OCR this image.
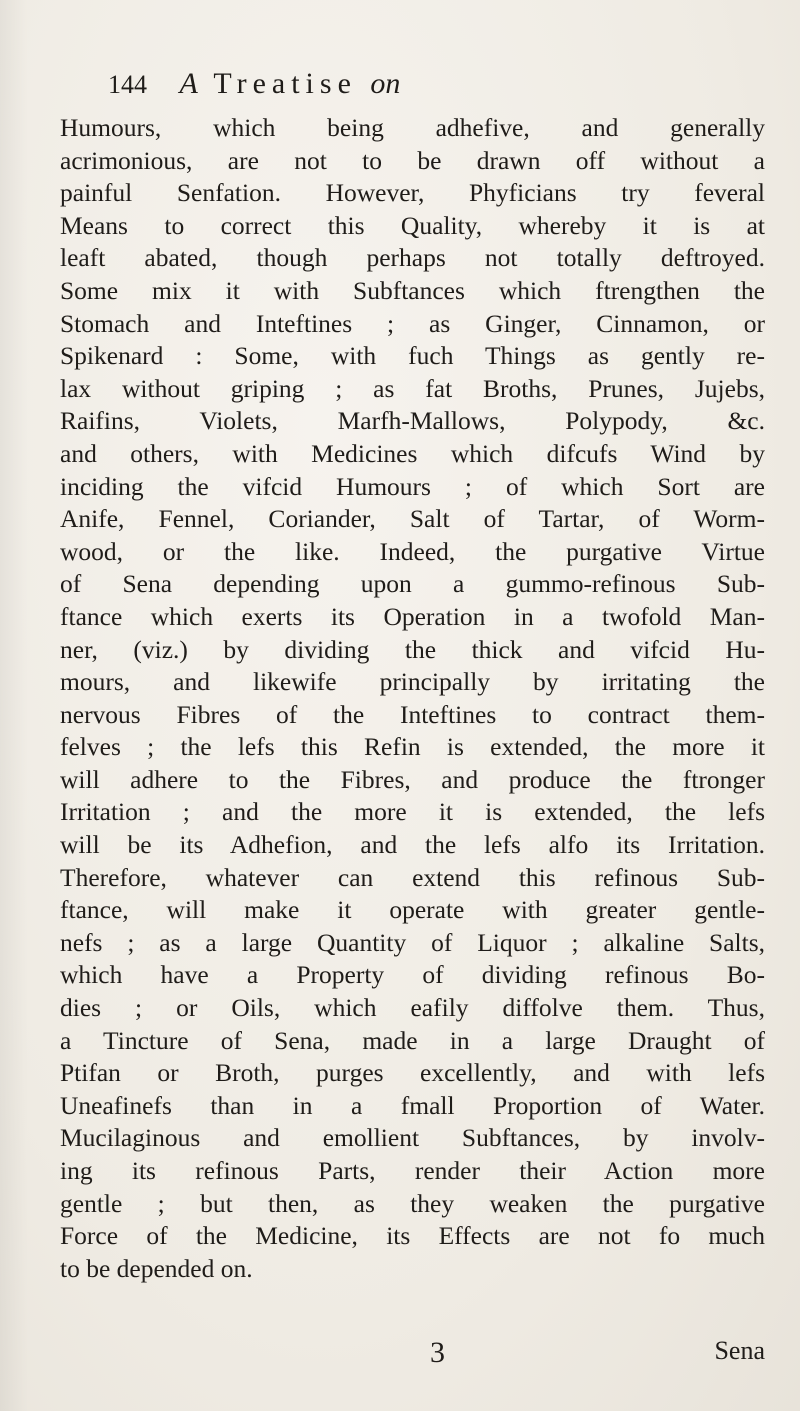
144 A Treatise on
Humours, which being adhefive, and generally
acrimonious, are not to be drawn off without a
painful Senfation. However, Phyficians try feveral
Means to correct this Quality, whereby it is at
leaft abated, though perhaps not totally deftroyed.
Some mix it with Subftances which ftrengthen the
Stomach and Inteftines ; as Ginger, Cinnamon, or
Spikenard : Some, with fuch Things as gently re-
lax without griping ; as fat Broths, Prunes, Jujebs,
Raifins, Violets, Marfh-Mallows, Polypody, &c.
and others, with Medicines which difcufs Wind by
inciding the vifcid Humours ; of which Sort are
Anife, Fennel, Coriander, Salt of Tartar, of Worm-
wood, or the like. Indeed, the purgative Virtue
of Sena depending upon a gummo-refinous Sub-
ftance which exerts its Operation in a twofold Man-
ner, (viz.) by dividing the thick and vifcid Hu-
mours, and likewife principally by irritating the
nervous Fibres of the Inteftines to contract them-
felves ; the lefs this Refin is extended, the more it
will adhere to the Fibres, and produce the ftronger
Irritation ; and the more it is extended, the lefs
will be its Adhefion, and the lefs alfo its Irritation.
Therefore, whatever can extend this refinous Sub-
ftance, will make it operate with greater gentle-
nefs ; as a large Quantity of Liquor ; alkaline Salts,
which have a Property of dividing refinous Bo-
dies ; or Oils, which eafily diffolve them. Thus,
a Tincture of Sena, made in a large Draught of
Ptifan or Broth, purges excellently, and with lefs
Uneafinefs than in a fmall Proportion of Water.
Mucilaginous and emollient Subftances, by involv-
ing its refinous Parts, render their Action more
gentle ; but then, as they weaken the purgative
Force of the Medicine, its Effects are not fo much
to be depended on.
3	Sena
